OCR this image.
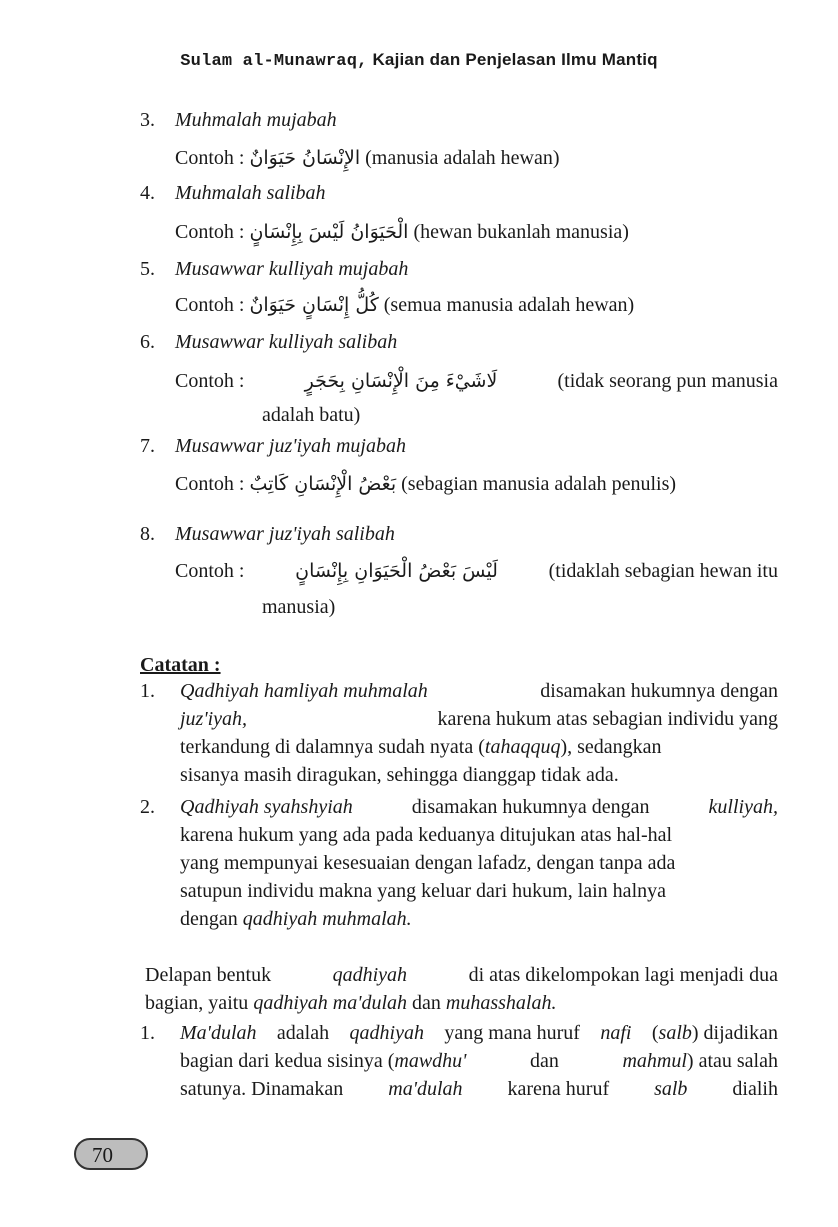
Sulam al-Munawraq, Kajian dan Penjelasan Ilmu Mantiq
3. Muhmalah mujabah
Contoh : الإِنْسَانُ حَيَوَانٌ (manusia adalah hewan)
4. Muhmalah salibah
Contoh : الْحَيَوَانُ لَيْسَ بِإِنْسَانٍ (hewan bukanlah manusia)
5. Musawwar kulliyah mujabah
Contoh : كُلُّ إِنْسَانٍ حَيَوَانٌ (semua manusia adalah hewan)
6. Musawwar kulliyah salibah
Contoh :	لَاشَيْءَ مِنَ الْإِنْسَانِ بِحَجَرٍ	(tidak seorang pun manusia
adalah batu)
7. Musawwar juz'iyah mujabah
Contoh : بَعْضُ الْإِنْسَانِ كَاتِبٌ (sebagian manusia adalah penulis)
8. Musawwar juz'iyah salibah
Contoh :	لَيْسَ بَعْضُ الْحَيَوَانِ بِإِنْسَانٍ	(tidaklah sebagian hewan itu
manusia)
Catatan :
1. Qadhiyah hamliyah muhmalah	disamakan hukumnya dengan
juz'iyah,	karena hukum atas sebagian individu yang
terkandung di dalamnya sudah nyata (tahaqquq), sedangkan
sisanya masih diragukan, sehingga dianggap tidak ada.
2. Qadhiyah syahshyiah	disamakan hukumnya dengan	kulliyah,
karena hukum yang ada pada keduanya ditujukan atas hal-hal
yang mempunyai kesesuaian dengan lafadz, dengan tanpa ada
satupun individu makna yang keluar dari hukum, lain halnya
dengan qadhiyah muhmalah.
Delapan bentuk	qadhiyah	di atas dikelompokan lagi menjadi dua
bagian, yaitu qadhiyah ma'dulah dan muhasshalah.
1. Ma'dulah adalah qadhiyah yang mana huruf nafi (salb) dijadikan
bagian dari kedua sisinya (mawdhu'	dan	mahmul) atau salah
satunya. Dinamakan ma'dulah karena huruf salb dialih
70
